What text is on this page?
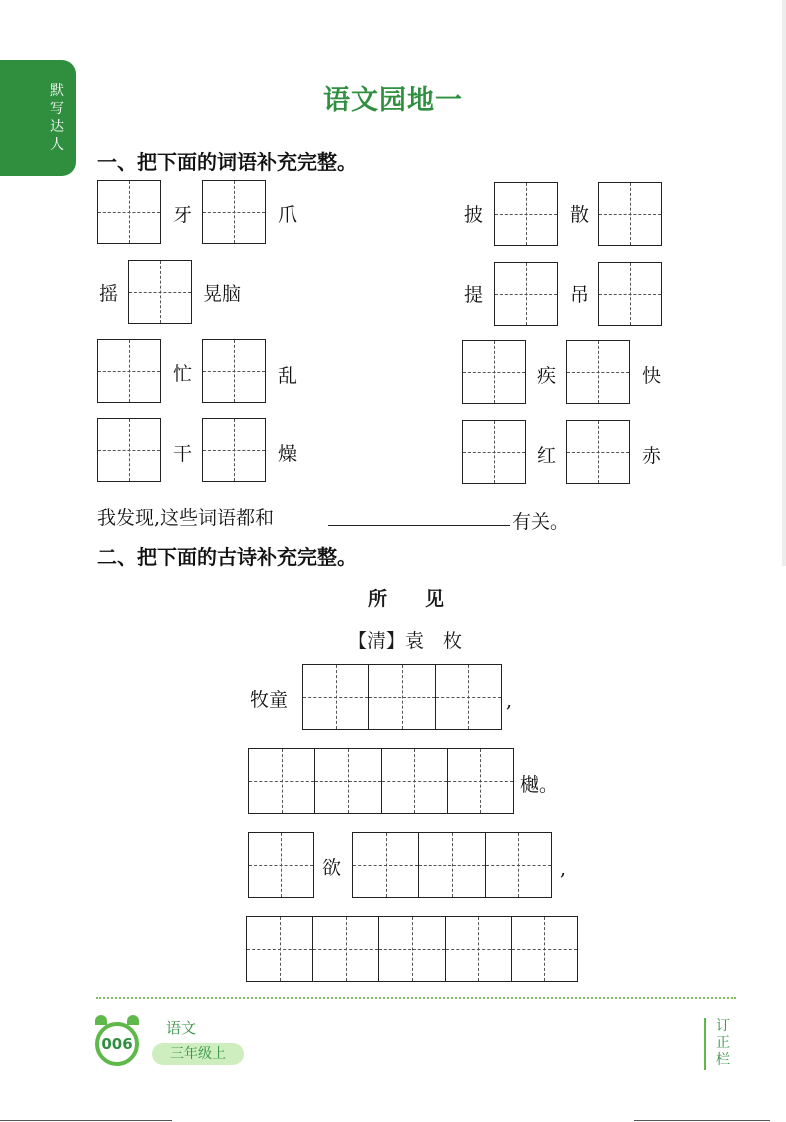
默写达人
语文园地一
一、把下面的词语补充完整。
牙	爪	披	散
摇	晃脑	提	吊
忙	乱	疾	快
干	燥	红	赤
我发现,这些词语都和	有关。
二、把下面的古诗补充完整。
所　　见
【清】袁　枚
牧童	,
樾。
欲	,
006
语文
三年级上
订正栏
